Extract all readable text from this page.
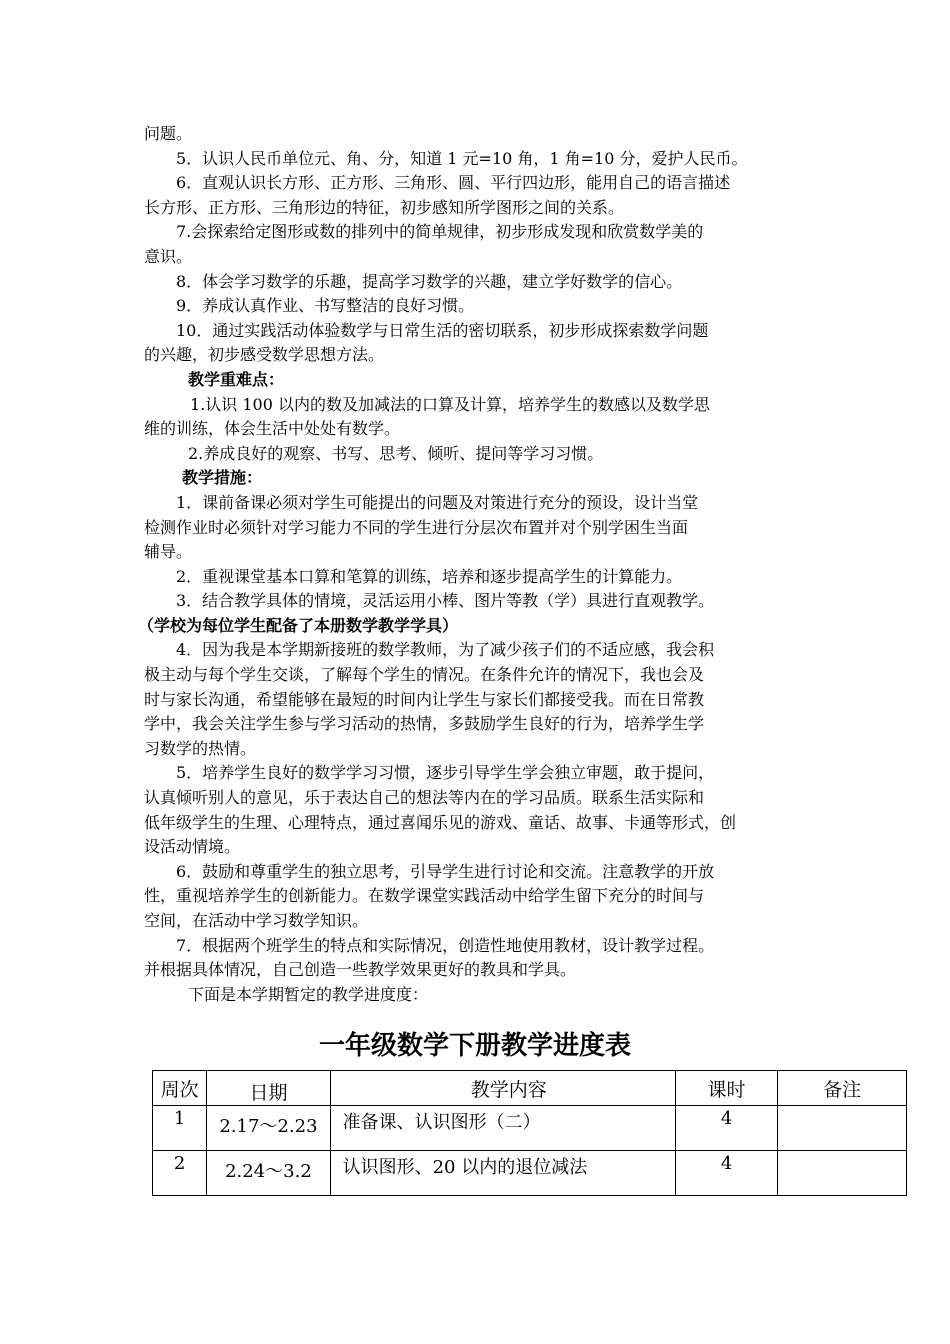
问题。
5．认识人民币单位元、角、分，知道 1 元=10 角，1 角=10 分，爱护人民币。
6．直观认识长方形、正方形、三角形、圆、平行四边形，能用自己的语言描述
长方形、正方形、三角形边的特征，初步感知所学图形之间的关系。
7.会探索给定图形或数的排列中的简单规律，初步形成发现和欣赏数学美的
意识。
8．体会学习数学的乐趣，提高学习数学的兴趣，建立学好数学的信心。
9．养成认真作业、书写整洁的良好习惯。
10．通过实践活动体验数学与日常生活的密切联系，初步形成探索数学问题
的兴趣，初步感受数学思想方法。
教学重难点：
1.认识 100 以内的数及加减法的口算及计算，培养学生的数感以及数学思
维的训练，体会生活中处处有数学。
2.养成良好的观察、书写、思考、倾听、提问等学习习惯。
教学措施：
1．课前备课必须对学生可能提出的问题及对策进行充分的预设，设计当堂
检测作业时必须针对学习能力不同的学生进行分层次布置并对个别学困生当面
辅导。
2．重视课堂基本口算和笔算的训练，培养和逐步提高学生的计算能力。
3．结合教学具体的情境，灵活运用小棒、图片等教（学）具进行直观教学。
（学校为每位学生配备了本册数学教学学具）
4．因为我是本学期新接班的数学教师，为了减少孩子们的不适应感，我会积
极主动与每个学生交谈，了解每个学生的情况。在条件允许的情况下，我也会及
时与家长沟通，希望能够在最短的时间内让学生与家长们都接受我。而在日常教
学中，我会关注学生参与学习活动的热情，多鼓励学生良好的行为，培养学生学
习数学的热情。
5．培养学生良好的数学学习习惯，逐步引导学生学会独立审题，敢于提问，
认真倾听别人的意见，乐于表达自己的想法等内在的学习品质。联系生活实际和
低年级学生的生理、心理特点，通过喜闻乐见的游戏、童话、故事、卡通等形式，创
设活动情境。
6．鼓励和尊重学生的独立思考，引导学生进行讨论和交流。注意教学的开放
性，重视培养学生的创新能力。在数学课堂实践活动中给学生留下充分的时间与
空间，在活动中学习数学知识。
7．根据两个班学生的特点和实际情况，创造性地使用教材，设计教学过程。
并根据具体情况，自己创造一些教学效果更好的教具和学具。
下面是本学期暂定的教学进度度：
一年级数学下册教学进度表
周次	日期	教学内容	课时	备注

1	2.17～2.23	准备课、认识图形（二）	4	

2	2.24～3.2	认识图形、20 以内的退位减法	4	
